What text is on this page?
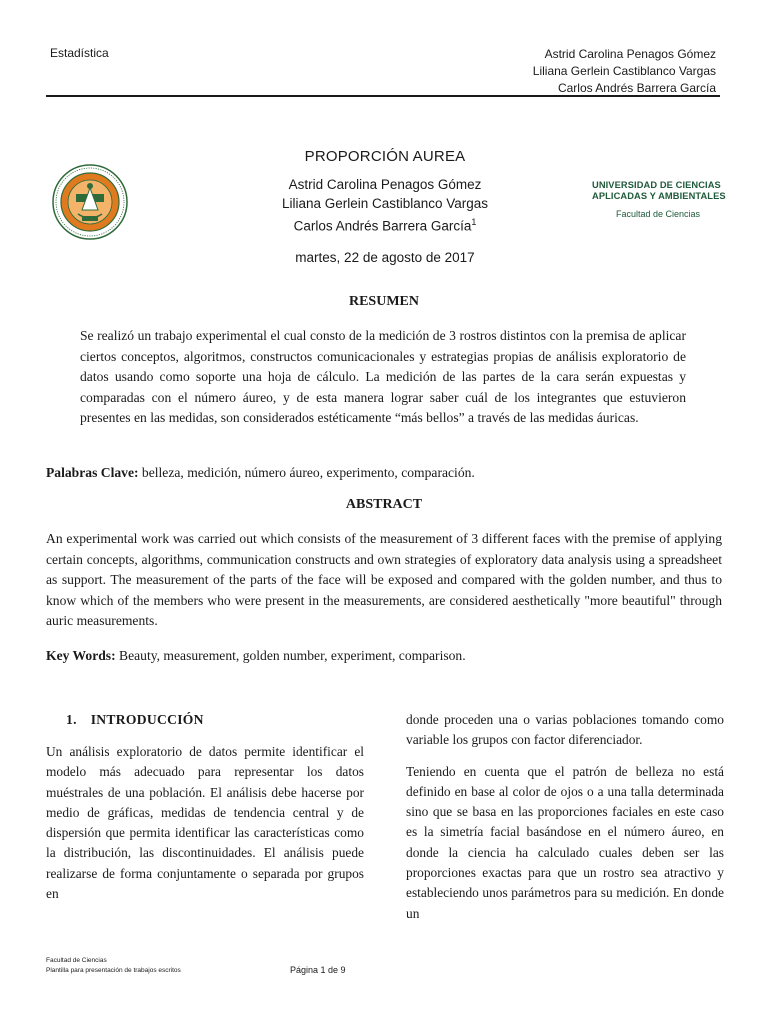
Estadística	Astrid Carolina Penagos Gómez
Liliana Gerlein Castiblanco Vargas
Carlos Andrés Barrera García
PROPORCIÓN AUREA
Astrid Carolina Penagos Gómez
Liliana Gerlein Castiblanco Vargas
Carlos Andrés Barrera García$^1$
martes, 22 de agosto de 2017
UNIVERSIDAD DE CIENCIAS
APLICADAS Y AMBIENTALES
Facultad de Ciencias
RESUMEN

Se realizó un trabajo experimental el cual consto de la medición de 3 rostros distintos con la premisa de aplicar ciertos conceptos, algoritmos, constructos comunicacionales y estrategias propias de análisis exploratorio de datos usando como soporte una hoja de cálculo. La medición de las partes de la cara serán expuestas y comparadas con el número áureo, y de esta manera lograr saber cuál de los integrantes que estuvieron presentes en las medidas, son considerados estéticamente “más bellos” a través de las medidas áuricas.

Palabras Clave: belleza, medición, número áureo, experimento, comparación.
ABSTRACT

An experimental work was carried out which consists of the measurement of 3 different faces with the premise of applying certain concepts, algorithms, communication constructs and own strategies of exploratory data analysis using a spreadsheet as support. The measurement of the parts of the face will be exposed and compared with the golden number, and thus to know which of the members who were present in the measurements, are considered aesthetically "more beautiful" through auric measurements.

Key Words: Beauty, measurement, golden number, experiment, comparison.
1. INTRODUCCIÓN

Un análisis exploratorio de datos permite identificar el modelo más adecuado para representar los datos muéstrales de una población. El análisis debe hacerse por medio de gráficas, medidas de tendencia central y de dispersión que permita identificar las características como la distribución, las discontinuidades. El análisis puede realizarse de forma conjuntamente o separada por grupos en

donde proceden una o varias poblaciones tomando como variable los grupos con factor diferenciador.

Teniendo en cuenta que el patrón de belleza no está definido en base al color de ojos o a una talla determinada sino que se basa en las proporciones faciales en este caso es la simetría facial basándose en el número áureo, en donde la ciencia ha calculado cuales deben ser las proporciones exactas para que un rostro sea atractivo y estableciendo unos parámetros para su medición. En donde un

Facultad de Ciencias
Plantilla para presentación de trabajos escritos	Página 1 de 9
